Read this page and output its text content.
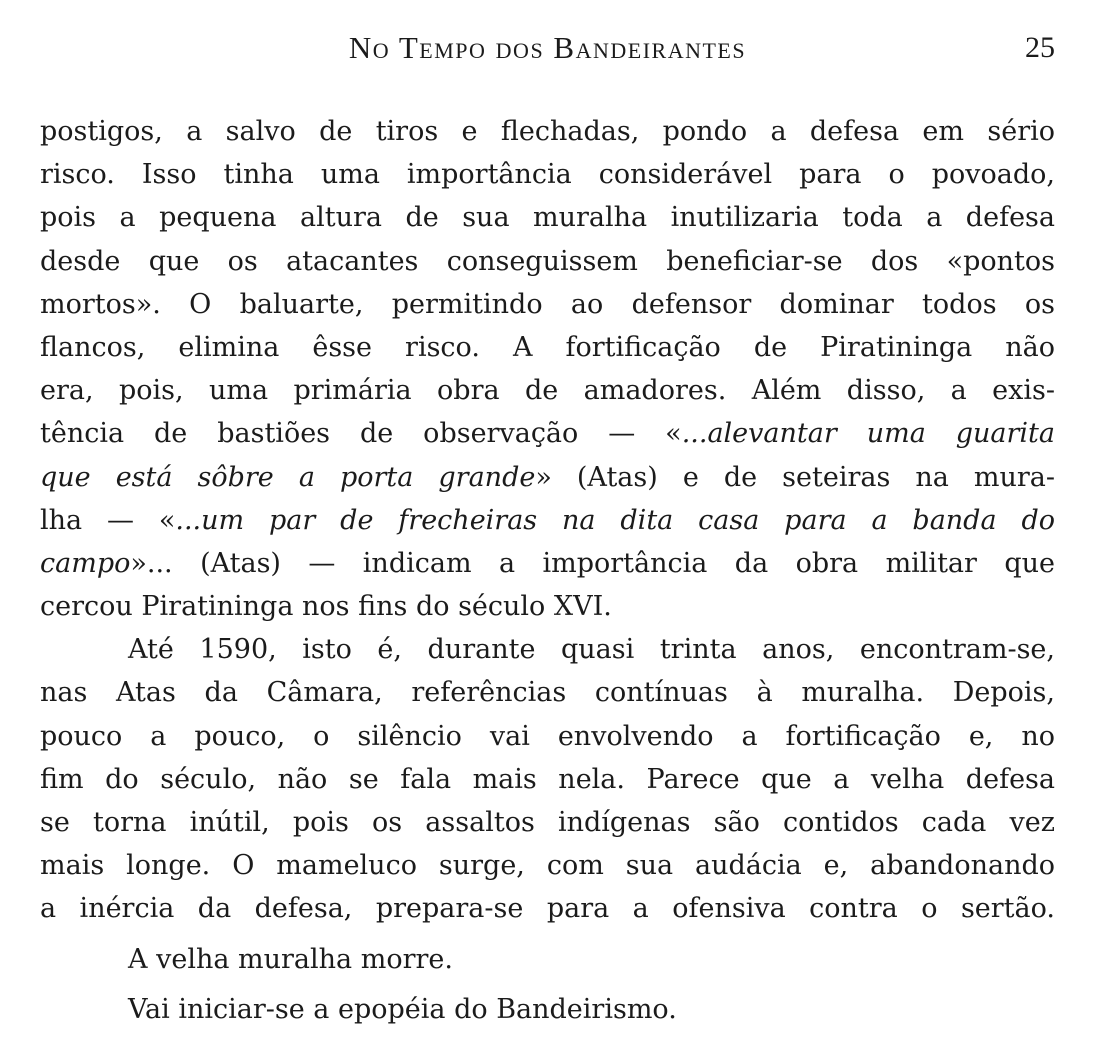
No Tempo dos Bandeirantes	25
postigos, a salvo de tiros e flechadas, pondo a defesa em sério
risco. Isso tinha uma importância considerável para o povoado,
pois a pequena altura de sua muralha inutilizaria toda a defesa
desde que os atacantes conseguissem beneficiar-se dos «pontos
mortos». O baluarte, permitindo ao defensor dominar todos os
flancos, elimina êsse risco. A fortificação de Piratininga não
era, pois, uma primária obra de amadores. Além disso, a exis-
tência de bastiões de observação — «...alevantar uma guarita
que está sôbre a porta grande» (Atas) e de seteiras na mura-
lha — «...um par de frecheiras na dita casa para a banda do
campo»... (Atas) — indicam a importância da obra militar que
cercou Piratininga nos fins do século XVI.
Até 1590, isto é, durante quasi trinta anos, encontram-se,
nas Atas da Câmara, referências contínuas à muralha. Depois,
pouco a pouco, o silêncio vai envolvendo a fortificação e, no
fim do século, não se fala mais nela. Parece que a velha defesa
se torna inútil, pois os assaltos indígenas são contidos cada vez
mais longe. O mameluco surge, com sua audácia e, abandonando
a inércia da defesa, prepara-se para a ofensiva contra o sertão.
A velha muralha morre.
Vai iniciar-se a epopéia do Bandeirismo.
